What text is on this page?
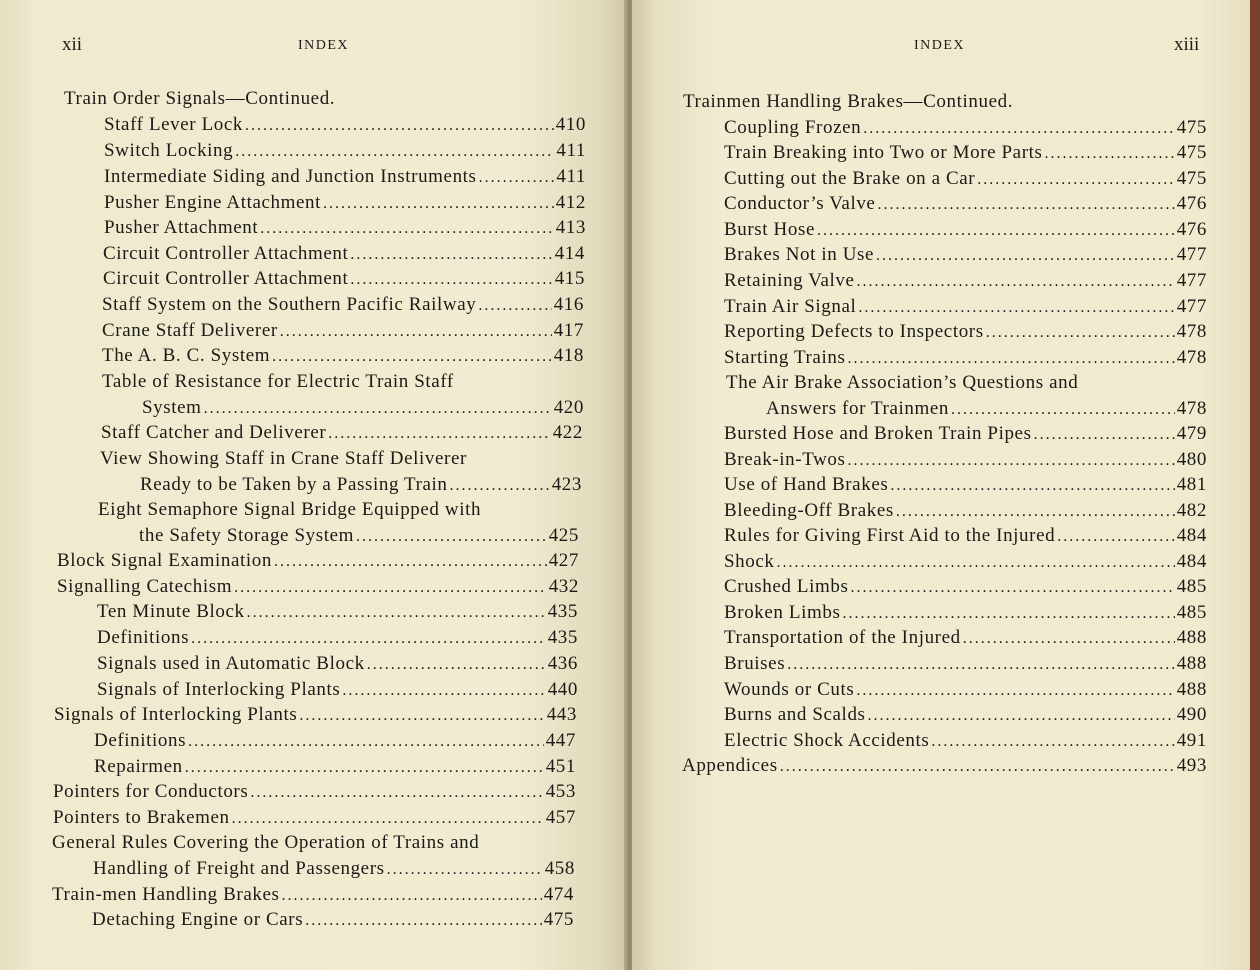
xii	INDEX
Train Order Signals—Continued.
Staff Lever Lock . . .	410
Switch Locking . . .	411
Intermediate Siding and Junction Instruments . . .	411
Pusher Engine Attachment . . .	412
Pusher Attachment . . .	413
Circuit Controller Attachment . . .	414
Circuit Controller Attachment . . .	415
Staff System on the Southern Pacific Railway . . .	416
Crane Staff Deliverer . . .	417
The A. B. C. System . . .	418
Table of Resistance for Electric Train Staff
System . . .	420
Staff Catcher and Deliverer . . .	422
View Showing Staff in Crane Staff Deliverer
Ready to be Taken by a Passing Train . . .	423
Eight Semaphore Signal Bridge Equipped with
the Safety Storage System . . .	425
Block Signal Examination . . .	427
Signalling Catechism . . .	432
Ten Minute Block . . .	435
Definitions . . .	435
Signals used in Automatic Block . . .	436
Signals of Interlocking Plants . . .	440
Signals of Interlocking Plants . . .	443
Definitions . . .	447
Repairmen . . .	451
Pointers for Conductors . . .	453
Pointers to Brakemen . . .	457
General Rules Covering the Operation of Trains and
Handling of Freight and Passengers . . .	458
Train-men Handling Brakes . . .	474
Detaching Engine or Cars . . .	475
INDEX	xiii
Trainmen Handling Brakes—Continued.
Coupling Frozen . . .	475
Train Breaking into Two or More Parts . . .	475
Cutting out the Brake on a Car . . .	475
Conductor’s Valve . . .	476
Burst Hose . . .	476
Brakes Not in Use . . .	477
Retaining Valve . . .	477
Train Air Signal . . .	477
Reporting Defects to Inspectors . . .	478
Starting Trains . . .	478
The Air Brake Association’s Questions and
Answers for Trainmen . . .	478
Bursted Hose and Broken Train Pipes . . .	479
Break-in-Twos . . .	480
Use of Hand Brakes . . .	481
Bleeding-Off Brakes . . .	482
Rules for Giving First Aid to the Injured . . .	484
Shock . . .	484
Crushed Limbs . . .	485
Broken Limbs . . .	485
Transportation of the Injured . . .	488
Bruises . . .	488
Wounds or Cuts . . .	488
Burns and Scalds . . .	490
Electric Shock Accidents . . .	491
Appendices . . .	493
